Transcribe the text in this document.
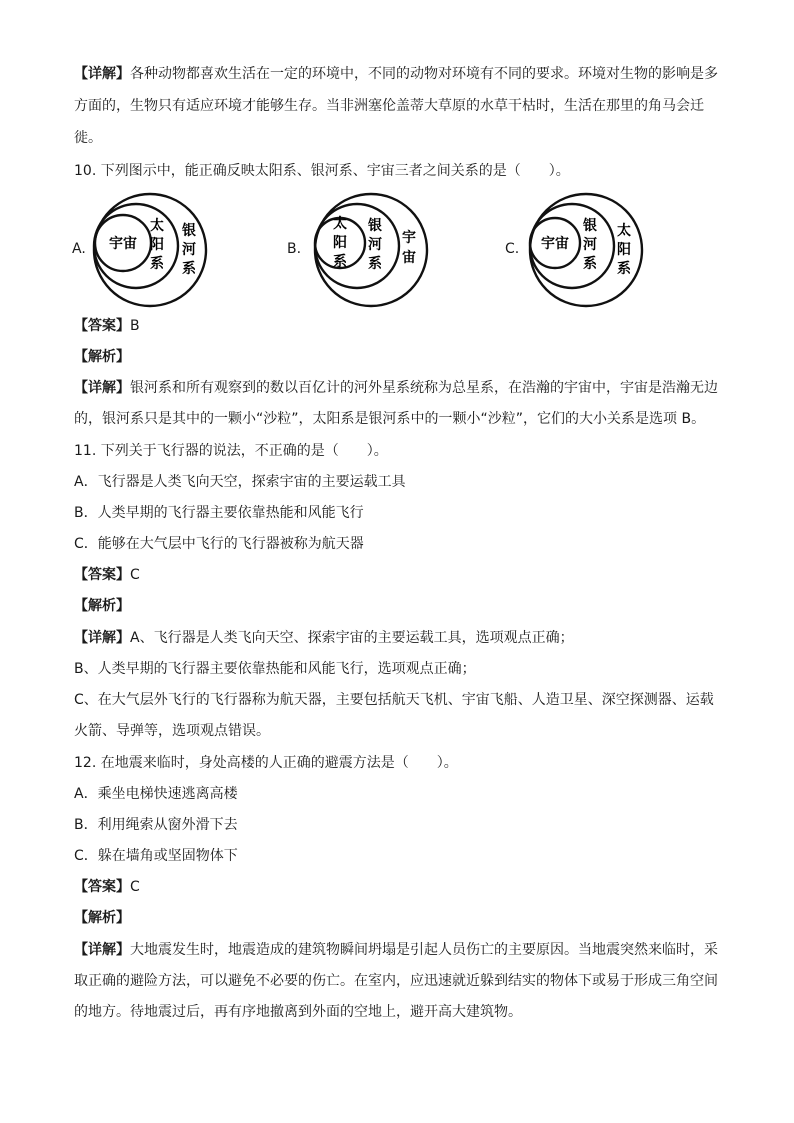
【详解】各种动物都喜欢生活在一定的环境中，不同的动物对环境有不同的要求。环境对生物的影响是多
方面的，生物只有适应环境才能够生存。当非洲塞伦盖蒂大草原的水草干枯时，生活在那里的角马会迁
徙。
10. 下列图示中，能正确反映太阳系、银河系、宇宙三者之间关系的是（　　）。
A. 宇宙
太
阳
系
银
河
系
B.
太
阳
系
银
河
系
宇
宙
C. 宇宙
银
河
系
太
阳
系
【答案】B
【解析】
【详解】银河系和所有观察到的数以百亿计的河外星系统称为总星系，在浩瀚的宇宙中，宇宙是浩瀚无边
的，银河系只是其中的一颗小“沙粒”，太阳系是银河系中的一颗小“沙粒”，它们的大小关系是选项 B。
11. 下列关于飞行器的说法，不正确的是（　　）。
A．飞行器是人类飞向天空，探索宇宙的主要运载工具
B．人类早期的飞行器主要依靠热能和风能飞行
C．能够在大气层中飞行的飞行器被称为航天器
【答案】C
【解析】
【详解】A、飞行器是人类飞向天空、探索宇宙的主要运载工具，选项观点正确；
B、人类早期的飞行器主要依靠热能和风能飞行，选项观点正确；
C、在大气层外飞行的飞行器称为航天器，主要包括航天飞机、宇宙飞船、人造卫星、深空探测器、运载
火箭、导弹等，选项观点错误。
12. 在地震来临时，身处高楼的人正确的避震方法是（　　）。
A．乘坐电梯快速逃离高楼
B．利用绳索从窗外滑下去
C．躲在墙角或坚固物体下
【答案】C
【解析】
【详解】大地震发生时，地震造成的建筑物瞬间坍塌是引起人员伤亡的主要原因。当地震突然来临时，采
取正确的避险方法，可以避免不必要的伤亡。在室内，应迅速就近躲到结实的物体下或易于形成三角空间
的地方。待地震过后，再有序地撤离到外面的空地上，避开高大建筑物。
